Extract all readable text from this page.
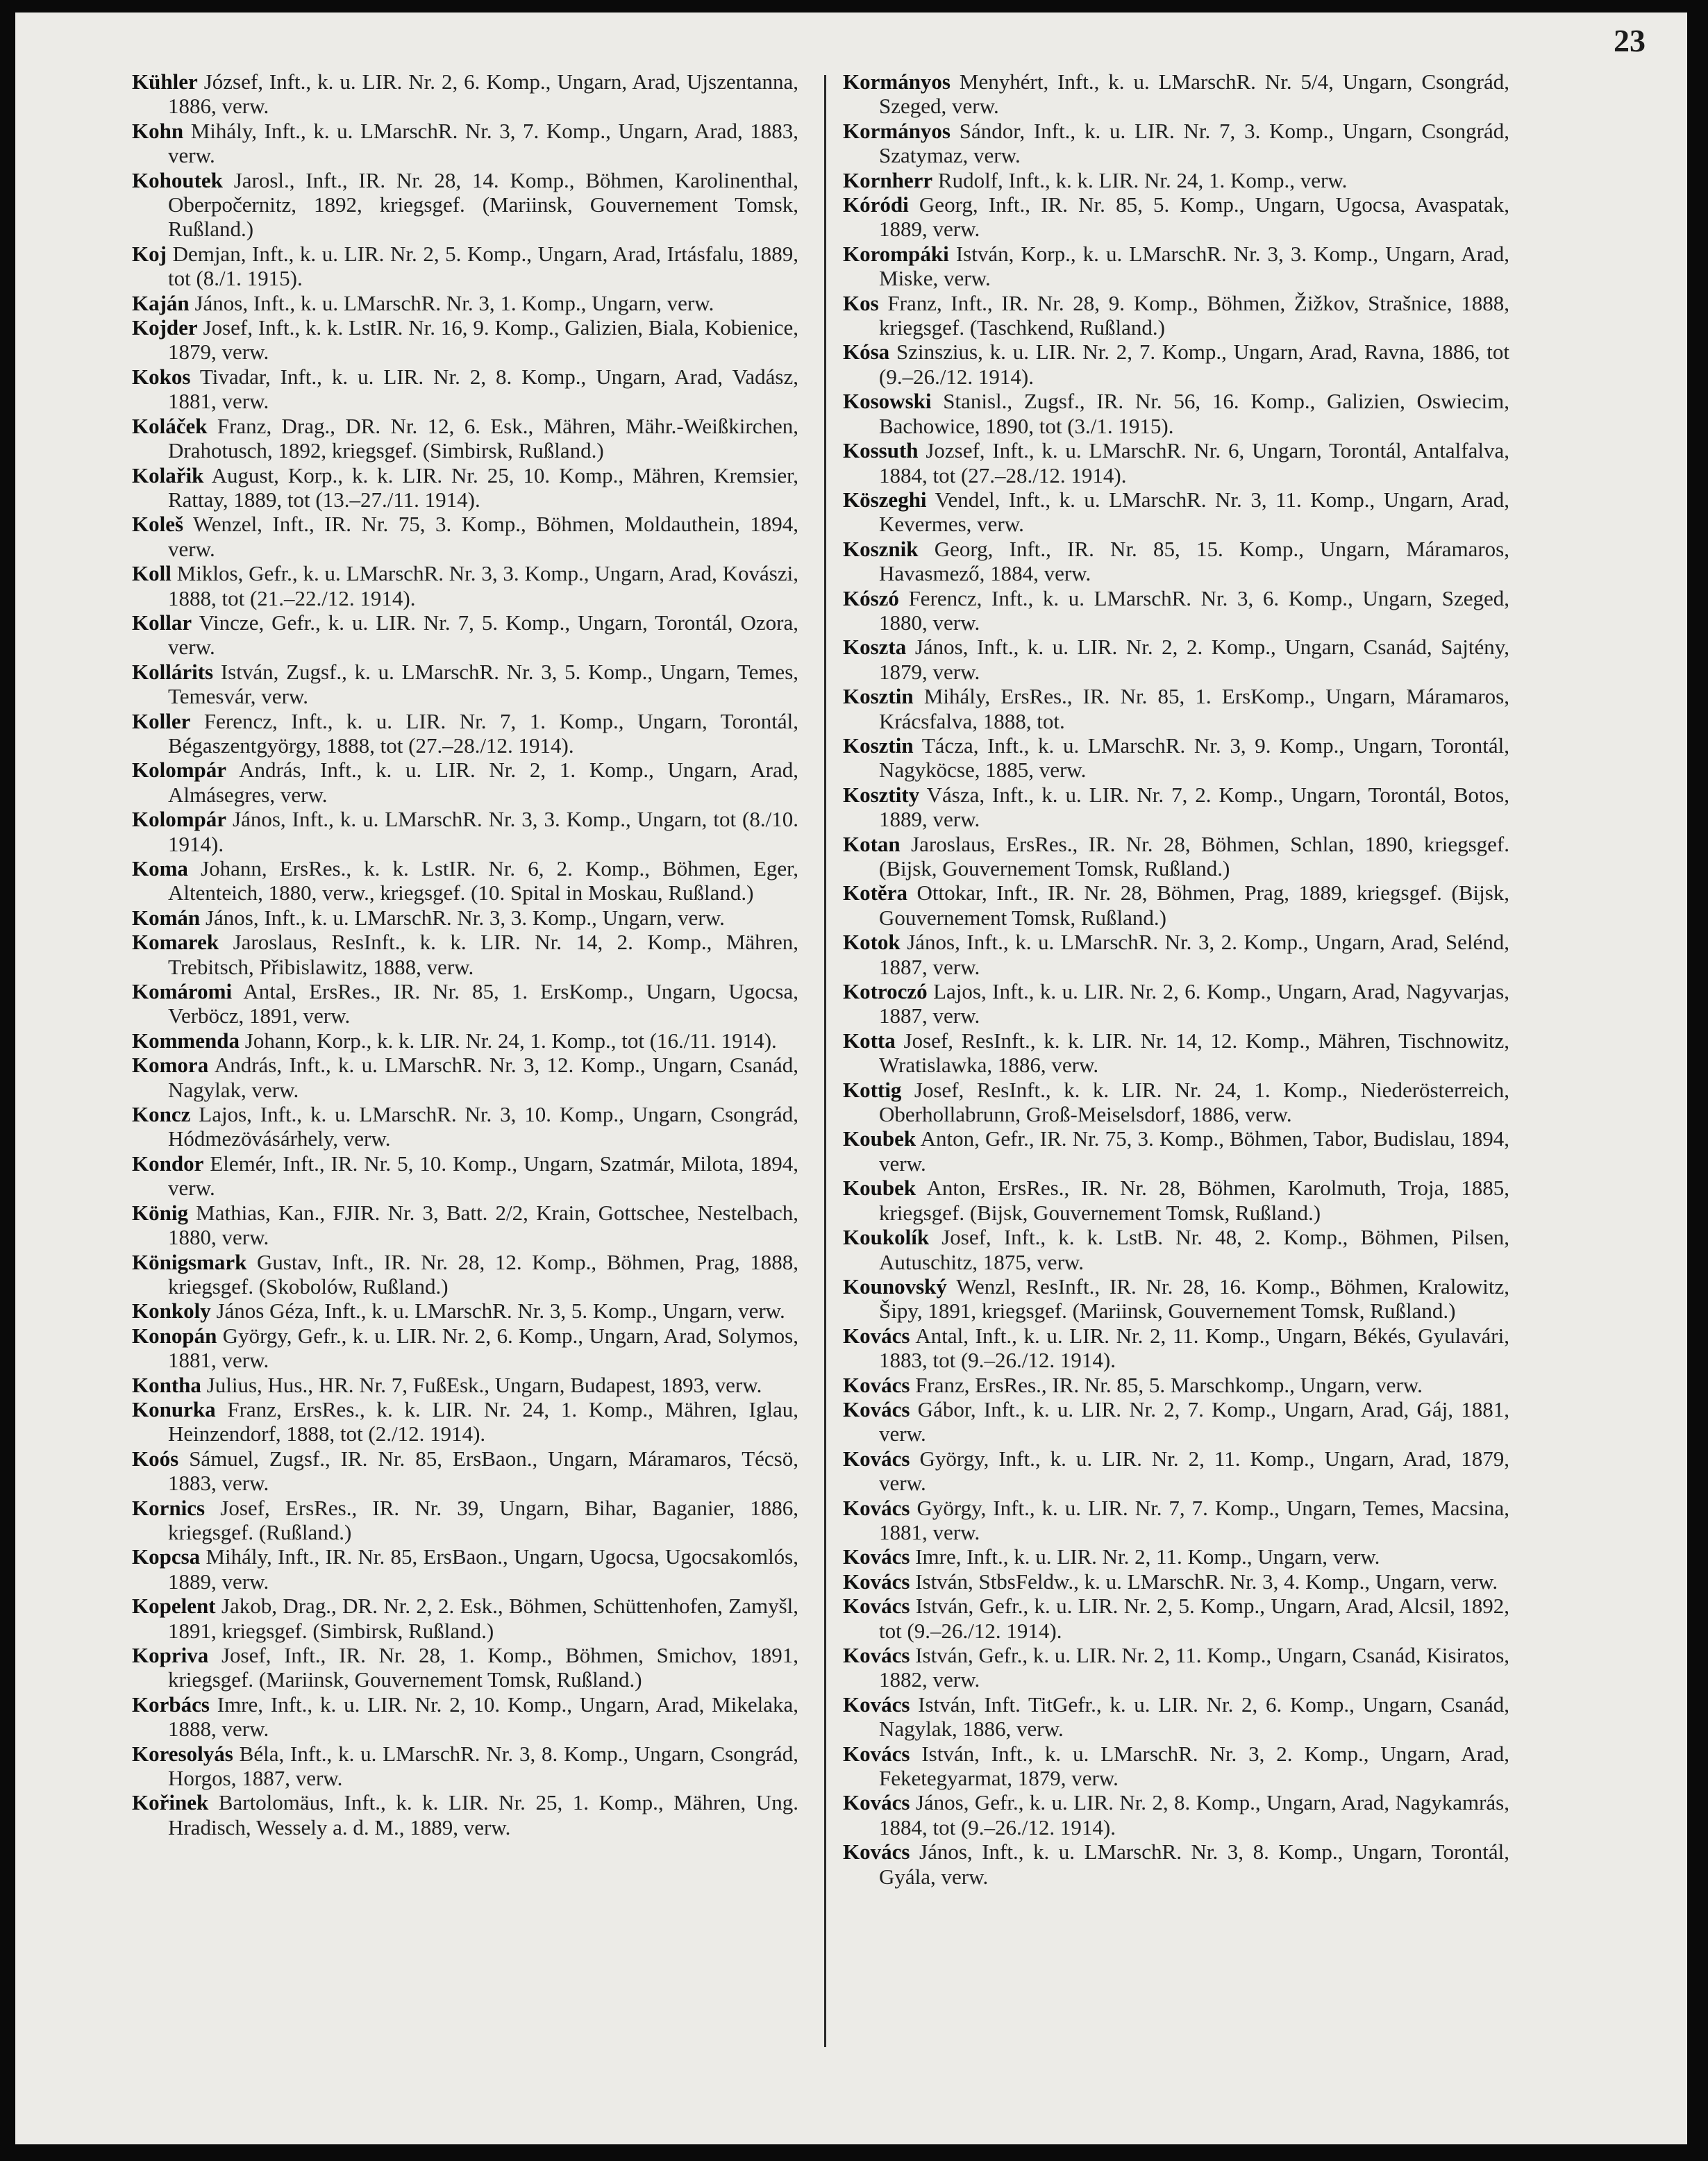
23
Kühler József, Inft., k. u. LIR. Nr. 2, 6. Komp., Ungarn, Arad, Ujszentanna, 1886, verw.
Kohn Mihály, Inft., k. u. LMarschR. Nr. 3, 7. Komp., Ungarn, Arad, 1883, verw.
Kohoutek Jarosl., Inft., IR. Nr. 28, 14. Komp., Böhmen, Karolinenthal, Oberpočernitz, 1892, kriegsgef. (Mariinsk, Gouvernement Tomsk, Rußland.)
Koj Demjan, Inft., k. u. LIR. Nr. 2, 5. Komp., Ungarn, Arad, Irtásfalu, 1889, tot (8./1. 1915).
Kaján János, Inft., k. u. LMarschR. Nr. 3, 1. Komp., Ungarn, verw.
Kojder Josef, Inft., k. k. LstIR. Nr. 16, 9. Komp., Galizien, Biala, Kobienice, 1879, verw.
Kokos Tivadar, Inft., k. u. LIR. Nr. 2, 8. Komp., Ungarn, Arad, Vadász, 1881, verw.
Koláček Franz, Drag., DR. Nr. 12, 6. Esk., Mähren, Mähr.-Weißkirchen, Drahotusch, 1892, kriegsgef. (Simbirsk, Rußland.)
Kolařik August, Korp., k. k. LIR. Nr. 25, 10. Komp., Mähren, Kremsier, Rattay, 1889, tot (13.–27./11. 1914).
Koleš Wenzel, Inft., IR. Nr. 75, 3. Komp., Böhmen, Moldauthein, 1894, verw.
Koll Miklos, Gefr., k. u. LMarschR. Nr. 3, 3. Komp., Ungarn, Arad, Kovászi, 1888, tot (21.–22./12. 1914).
Kollar Vincze, Gefr., k. u. LIR. Nr. 7, 5. Komp., Ungarn, Torontál, Ozora, verw.
Kollárits István, Zugsf., k. u. LMarschR. Nr. 3, 5. Komp., Ungarn, Temes, Temesvár, verw.
Koller Ferencz, Inft., k. u. LIR. Nr. 7, 1. Komp., Ungarn, Torontál, Bégaszentgyörgy, 1888, tot (27.–28./12. 1914).
Kolompár András, Inft., k. u. LIR. Nr. 2, 1. Komp., Ungarn, Arad, Almásegres, verw.
Kolompár János, Inft., k. u. LMarschR. Nr. 3, 3. Komp., Ungarn, tot (8./10. 1914).
Koma Johann, ErsRes., k. k. LstIR. Nr. 6, 2. Komp., Böhmen, Eger, Altenteich, 1880, verw., kriegsgef. (10. Spital in Moskau, Rußland.)
Komán János, Inft., k. u. LMarschR. Nr. 3, 3. Komp., Ungarn, verw.
Komarek Jaroslaus, ResInft., k. k. LIR. Nr. 14, 2. Komp., Mähren, Trebitsch, Přibislawitz, 1888, verw.
Komáromi Antal, ErsRes., IR. Nr. 85, 1. ErsKomp., Ungarn, Ugocsa, Verböcz, 1891, verw.
Kommenda Johann, Korp., k. k. LIR. Nr. 24, 1. Komp., tot (16./11. 1914).
Komora András, Inft., k. u. LMarschR. Nr. 3, 12. Komp., Ungarn, Csanád, Nagylak, verw.
Koncz Lajos, Inft., k. u. LMarschR. Nr. 3, 10. Komp., Ungarn, Csongrád, Hódmezövásárhely, verw.
Kondor Elemér, Inft., IR. Nr. 5, 10. Komp., Ungarn, Szatmár, Milota, 1894, verw.
König Mathias, Kan., FJIR. Nr. 3, Batt. 2/2, Krain, Gottschee, Nestelbach, 1880, verw.
Königsmark Gustav, Inft., IR. Nr. 28, 12. Komp., Böhmen, Prag, 1888, kriegsgef. (Skobolów, Rußland.)
Konkoly János Géza, Inft., k. u. LMarschR. Nr. 3, 5. Komp., Ungarn, verw.
Konopán György, Gefr., k. u. LIR. Nr. 2, 6. Komp., Ungarn, Arad, Solymos, 1881, verw.
Kontha Julius, Hus., HR. Nr. 7, FußEsk., Ungarn, Budapest, 1893, verw.
Konurka Franz, ErsRes., k. k. LIR. Nr. 24, 1. Komp., Mähren, Iglau, Heinzendorf, 1888, tot (2./12. 1914).
Koós Sámuel, Zugsf., IR. Nr. 85, ErsBaon., Ungarn, Máramaros, Técsö, 1883, verw.
Kornics Josef, ErsRes., IR. Nr. 39, Ungarn, Bihar, Baganier, 1886, kriegsgef. (Rußland.)
Kopcsa Mihály, Inft., IR. Nr. 85, ErsBaon., Ungarn, Ugocsa, Ugocsakomlós, 1889, verw.
Kopelent Jakob, Drag., DR. Nr. 2, 2. Esk., Böhmen, Schüttenhofen, Zamyšl, 1891, kriegsgef. (Simbirsk, Rußland.)
Kopriva Josef, Inft., IR. Nr. 28, 1. Komp., Böhmen, Smichov, 1891, kriegsgef. (Mariinsk, Gouvernement Tomsk, Rußland.)
Korbács Imre, Inft., k. u. LIR. Nr. 2, 10. Komp., Ungarn, Arad, Mikelaka, 1888, verw.
Koresolyás Béla, Inft., k. u. LMarschR. Nr. 3, 8. Komp., Ungarn, Csongrád, Horgos, 1887, verw.
Kořinek Bartolomäus, Inft., k. k. LIR. Nr. 25, 1. Komp., Mähren, Ung. Hradisch, Wessely a. d. M., 1889, verw.
Kormányos Menyhért, Inft., k. u. LMarschR. Nr. 5/4, Ungarn, Csongrád, Szeged, verw.
Kormányos Sándor, Inft., k. u. LIR. Nr. 7, 3. Komp., Ungarn, Csongrád, Szatymaz, verw.
Kornherr Rudolf, Inft., k. k. LIR. Nr. 24, 1. Komp., verw.
Kóródi Georg, Inft., IR. Nr. 85, 5. Komp., Ungarn, Ugocsa, Avaspatak, 1889, verw.
Korompáki István, Korp., k. u. LMarschR. Nr. 3, 3. Komp., Ungarn, Arad, Miske, verw.
Kos Franz, Inft., IR. Nr. 28, 9. Komp., Böhmen, Žižkov, Strašnice, 1888, kriegsgef. (Taschkend, Rußland.)
Kósa Szinszius, k. u. LIR. Nr. 2, 7. Komp., Ungarn, Arad, Ravna, 1886, tot (9.–26./12. 1914).
Kosowski Stanisl., Zugsf., IR. Nr. 56, 16. Komp., Galizien, Oswiecim, Bachowice, 1890, tot (3./1. 1915).
Kossuth Jozsef, Inft., k. u. LMarschR. Nr. 6, Ungarn, Torontál, Antalfalva, 1884, tot (27.–28./12. 1914).
Köszeghi Vendel, Inft., k. u. LMarschR. Nr. 3, 11. Komp., Ungarn, Arad, Kevermes, verw.
Kosznik Georg, Inft., IR. Nr. 85, 15. Komp., Ungarn, Máramaros, Havasmező, 1884, verw.
Kószó Ferencz, Inft., k. u. LMarschR. Nr. 3, 6. Komp., Ungarn, Szeged, 1880, verw.
Koszta János, Inft., k. u. LIR. Nr. 2, 2. Komp., Ungarn, Csanád, Sajtény, 1879, verw.
Kosztin Mihály, ErsRes., IR. Nr. 85, 1. ErsKomp., Ungarn, Máramaros, Krácsfalva, 1888, tot.
Kosztin Tácza, Inft., k. u. LMarschR. Nr. 3, 9. Komp., Ungarn, Torontál, Nagyköcse, 1885, verw.
Kosztity Vásza, Inft., k. u. LIR. Nr. 7, 2. Komp., Ungarn, Torontál, Botos, 1889, verw.
Kotan Jaroslaus, ErsRes., IR. Nr. 28, Böhmen, Schlan, 1890, kriegsgef. (Bijsk, Gouvernement Tomsk, Rußland.)
Kotěra Ottokar, Inft., IR. Nr. 28, Böhmen, Prag, 1889, kriegsgef. (Bijsk, Gouvernement Tomsk, Rußland.)
Kotok János, Inft., k. u. LMarschR. Nr. 3, 2. Komp., Ungarn, Arad, Selénd, 1887, verw.
Kotroczó Lajos, Inft., k. u. LIR. Nr. 2, 6. Komp., Ungarn, Arad, Nagyvarjas, 1887, verw.
Kotta Josef, ResInft., k. k. LIR. Nr. 14, 12. Komp., Mähren, Tischnowitz, Wratislawka, 1886, verw.
Kottig Josef, ResInft., k. k. LIR. Nr. 24, 1. Komp., Niederösterreich, Oberhollabrunn, Groß-Meiselsdorf, 1886, verw.
Koubek Anton, Gefr., IR. Nr. 75, 3. Komp., Böhmen, Tabor, Budislau, 1894, verw.
Koubek Anton, ErsRes., IR. Nr. 28, Böhmen, Karolmuth, Troja, 1885, kriegsgef. (Bijsk, Gouvernement Tomsk, Rußland.)
Koukolík Josef, Inft., k. k. LstB. Nr. 48, 2. Komp., Böhmen, Pilsen, Autuschitz, 1875, verw.
Kounovský Wenzl, ResInft., IR. Nr. 28, 16. Komp., Böhmen, Kralowitz, Šipy, 1891, kriegsgef. (Mariinsk, Gouvernement Tomsk, Rußland.)
Kovács Antal, Inft., k. u. LIR. Nr. 2, 11. Komp., Ungarn, Békés, Gyulavári, 1883, tot (9.–26./12. 1914).
Kovács Franz, ErsRes., IR. Nr. 85, 5. Marschkomp., Ungarn, verw.
Kovács Gábor, Inft., k. u. LIR. Nr. 2, 7. Komp., Ungarn, Arad, Gáj, 1881, verw.
Kovács György, Inft., k. u. LIR. Nr. 2, 11. Komp., Ungarn, Arad, 1879, verw.
Kovács György, Inft., k. u. LIR. Nr. 7, 7. Komp., Ungarn, Temes, Macsina, 1881, verw.
Kovács Imre, Inft., k. u. LIR. Nr. 2, 11. Komp., Ungarn, verw.
Kovács István, StbsFeldw., k. u. LMarschR. Nr. 3, 4. Komp., Ungarn, verw.
Kovács István, Gefr., k. u. LIR. Nr. 2, 5. Komp., Ungarn, Arad, Alcsil, 1892, tot (9.–26./12. 1914).
Kovács István, Gefr., k. u. LIR. Nr. 2, 11. Komp., Ungarn, Csanád, Kisiratos, 1882, verw.
Kovács István, Inft. TitGefr., k. u. LIR. Nr. 2, 6. Komp., Ungarn, Csanád, Nagylak, 1886, verw.
Kovács István, Inft., k. u. LMarschR. Nr. 3, 2. Komp., Ungarn, Arad, Feketegyarmat, 1879, verw.
Kovács János, Gefr., k. u. LIR. Nr. 2, 8. Komp., Ungarn, Arad, Nagykamrás, 1884, tot (9.–26./12. 1914).
Kovács János, Inft., k. u. LMarschR. Nr. 3, 8. Komp., Ungarn, Torontál, Gyála, verw.
